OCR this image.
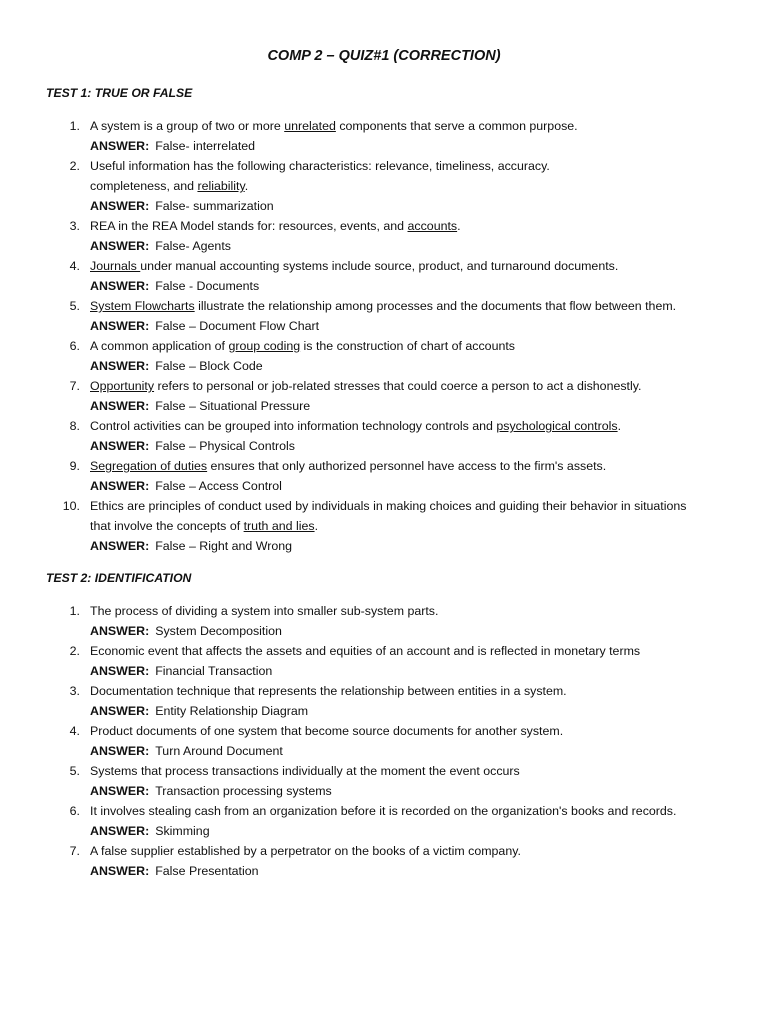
COMP 2 – QUIZ#1 (CORRECTION)
TEST 1: TRUE OR FALSE
1. A system is a group of two or more unrelated components that serve a common purpose.
ANSWER: False- interrelated
2. Useful information has the following characteristics: relevance, timeliness, accuracy.
completeness, and reliability.
ANSWER: False- summarization
3. REA in the REA Model stands for: resources, events, and accounts.
ANSWER: False- Agents
4. Journals under manual accounting systems include source, product, and turnaround documents.
ANSWER: False - Documents
5. System Flowcharts illustrate the relationship among processes and the documents that flow between them.
ANSWER: False – Document Flow Chart
6. A common application of group coding is the construction of chart of accounts
ANSWER: False – Block Code
7. Opportunity refers to personal or job-related stresses that could coerce a person to act a dishonestly.
ANSWER: False – Situational Pressure
8. Control activities can be grouped into information technology controls and psychological controls.
ANSWER: False – Physical Controls
9. Segregation of duties ensures that only authorized personnel have access to the firm's assets.
ANSWER: False – Access Control
10. Ethics are principles of conduct used by individuals in making choices and guiding their behavior in situations
that involve the concepts of truth and lies.
ANSWER: False – Right and Wrong
TEST 2: IDENTIFICATION
1. The process of dividing a system into smaller sub-system parts.
ANSWER: System Decomposition
2. Economic event that affects the assets and equities of an account and is reflected in monetary terms
ANSWER: Financial Transaction
3. Documentation technique that represents the relationship between entities in a system.
ANSWER: Entity Relationship Diagram
4. Product documents of one system that become source documents for another system.
ANSWER: Turn Around Document
5. Systems that process transactions individually at the moment the event occurs
ANSWER: Transaction processing systems
6. It involves stealing cash from an organization before it is recorded on the organization's books and records.
ANSWER: Skimming
7. A false supplier established by a perpetrator on the books of a victim company.
ANSWER: False Presentation
